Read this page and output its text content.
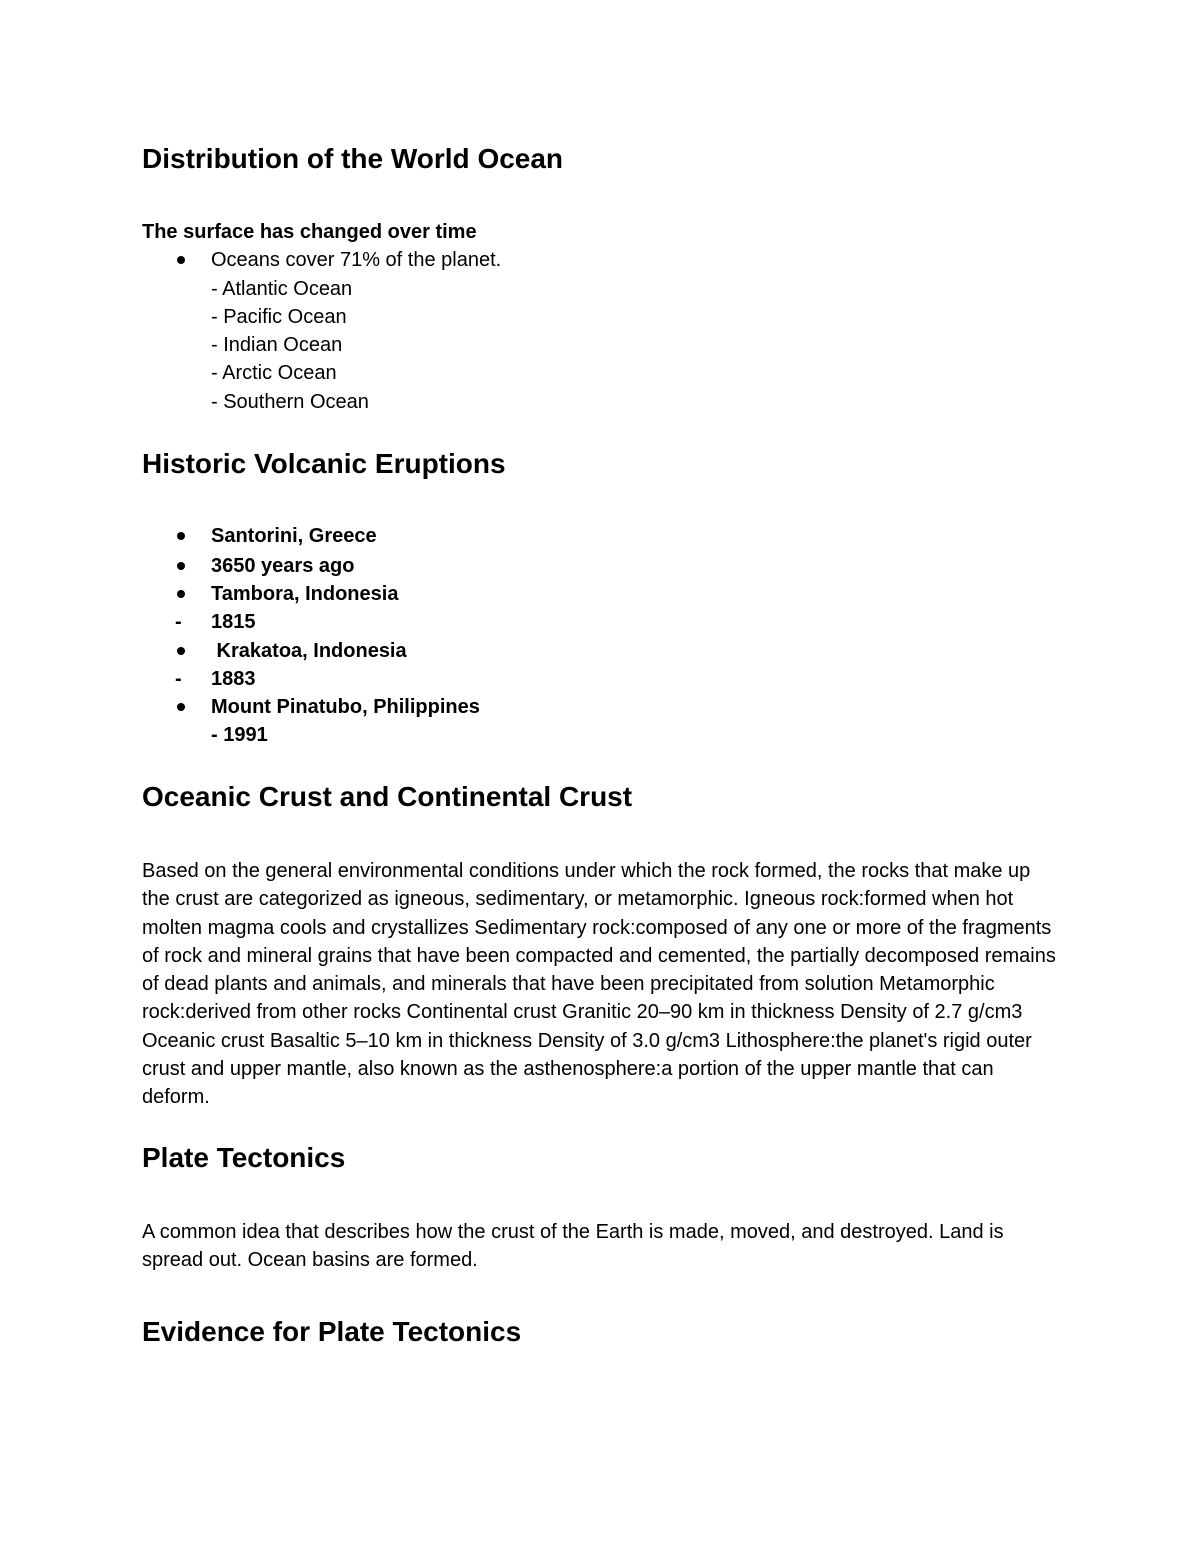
Distribution of the World Ocean
The surface has changed over time
Oceans cover 71% of the planet.
- Atlantic Ocean
- Pacific Ocean
- Indian Ocean
- Arctic Ocean
- Southern Ocean
Historic Volcanic Eruptions
Santorini, Greece
3650 years ago
Tambora, Indonesia
- 1815
Krakatoa, Indonesia
- 1883
Mount Pinatubo, Philippines
- 1991
Oceanic Crust and Continental Crust

Based on the general environmental conditions under which the rock formed, the rocks that make up the crust are categorized as igneous, sedimentary, or metamorphic. Igneous rock:formed when hot molten magma cools and crystallizes Sedimentary rock:composed of any one or more of the fragments of rock and mineral grains that have been compacted and cemented, the partially decomposed remains of dead plants and animals, and minerals that have been precipitated from solution Metamorphic rock:derived from other rocks Continental crust Granitic 20–90 km in thickness Density of 2.7 g/cm3 Oceanic crust Basaltic 5–10 km in thickness Density of 3.0 g/cm3 Lithosphere:the planet's rigid outer crust and upper mantle, also known as the asthenosphere:a portion of the upper mantle that can deform.

Plate Tectonics

A common idea that describes how the crust of the Earth is made, moved, and destroyed. Land is spread out. Ocean basins are formed.

Evidence for Plate Tectonics
